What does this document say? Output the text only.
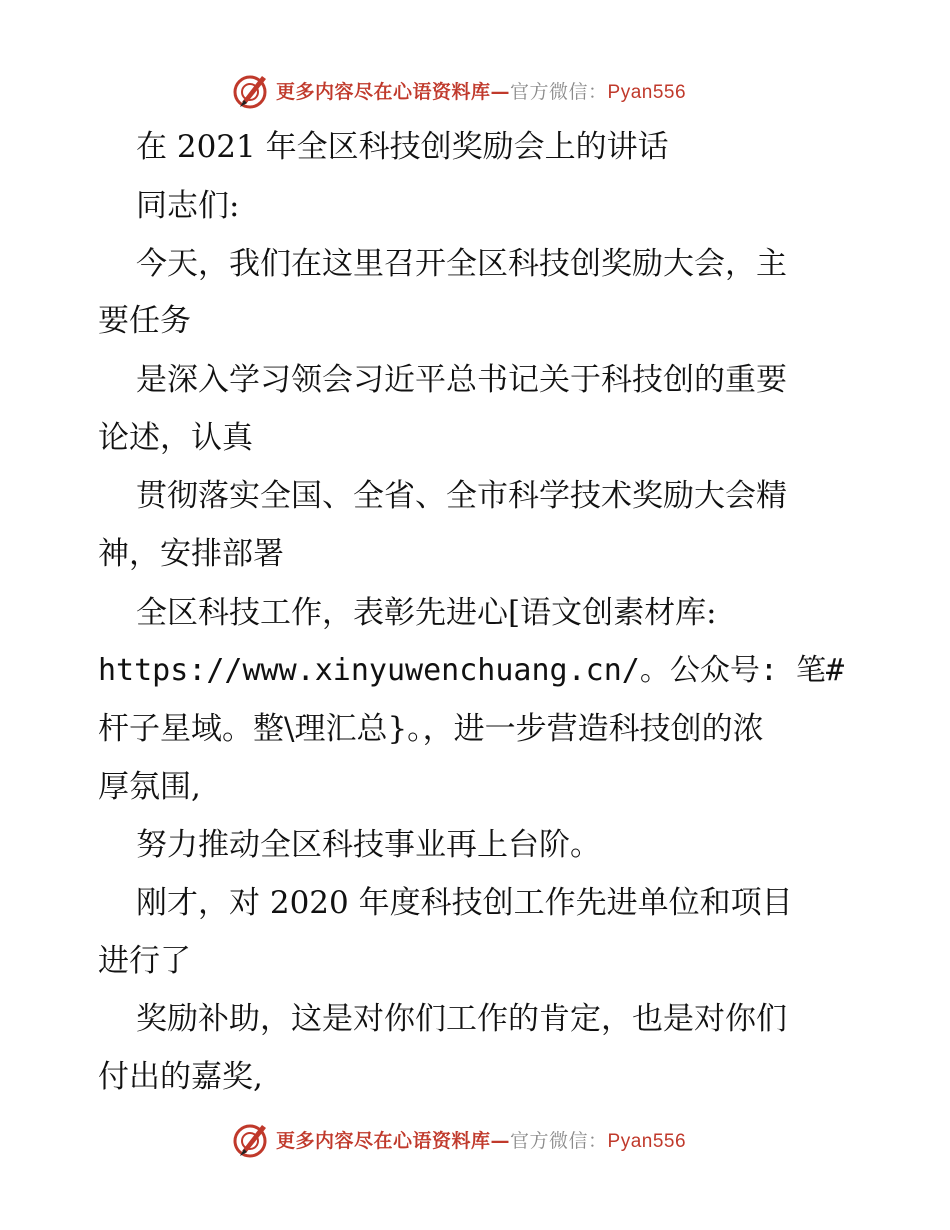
更多内容尽在心语资料库—官方微信：Pyan556
在 2021 年全区科技创奖励会上的讲话
同志们:
今天，我们在这里召开全区科技创奖励大会，主
要任务
是深入学习领会习近平总书记关于科技创的重要
论述，认真
贯彻落实全国、全省、全市科学技术奖励大会精
神，安排部署
全区科技工作，表彰先进心[语文创素材库:
https://www.xinyuwenchuang.cn/。公众号: 笔#
杆子星域。整\理汇总}。，进一步营造科技创的浓
厚氛围,
努力推动全区科技事业再上台阶。
刚才，对 2020 年度科技创工作先进单位和项目
进行了
奖励补助，这是对你们工作的肯定，也是对你们
付出的嘉奖,
更多内容尽在心语资料库—官方微信：Pyan556
